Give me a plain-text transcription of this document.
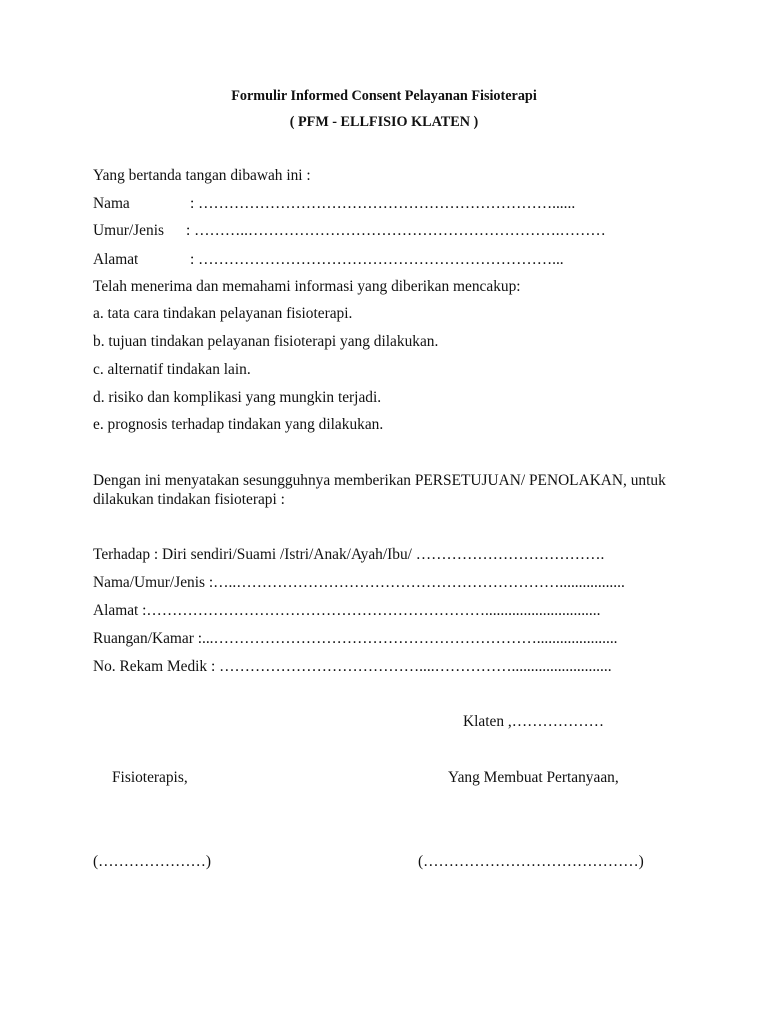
Formulir Informed Consent Pelayanan Fisioterapi
( PFM - ELLFISIO KLATEN )
Yang bertanda tangan dibawah ini :
Nama	: ……………………………………………………………......
Umur/Jenis : ………..…………………………………………………….………
Alamat	: ……………………………………………………………...
Telah menerima dan memahami informasi yang diberikan mencakup:
a. tata cara tindakan pelayanan fisioterapi.
b. tujuan tindakan pelayanan fisioterapi yang dilakukan.
c. alternatif tindakan lain.
d. risiko dan komplikasi yang mungkin terjadi.
e. prognosis terhadap tindakan yang dilakukan.
Dengan ini menyatakan sesungguhnya memberikan PERSETUJUAN/ PENOLAKAN, untuk
dilakukan tindakan fisioterapi :
Terhadap : Diri sendiri/Suami /Istri/Anak/Ayah/Ibu/ ……………………………….
Nama/Umur/Jenis :…..……………………………………………………….................
Alamat :…………………………………………………………..............................
Ruangan/Kamar :...……………………………………………………….....................
No. Rekam Medik : …………………………………....……………..........................
Klaten ,………………
Fisioterapis,	Yang Membuat Pertanyaan,
(…………………)	(……………………………………)
